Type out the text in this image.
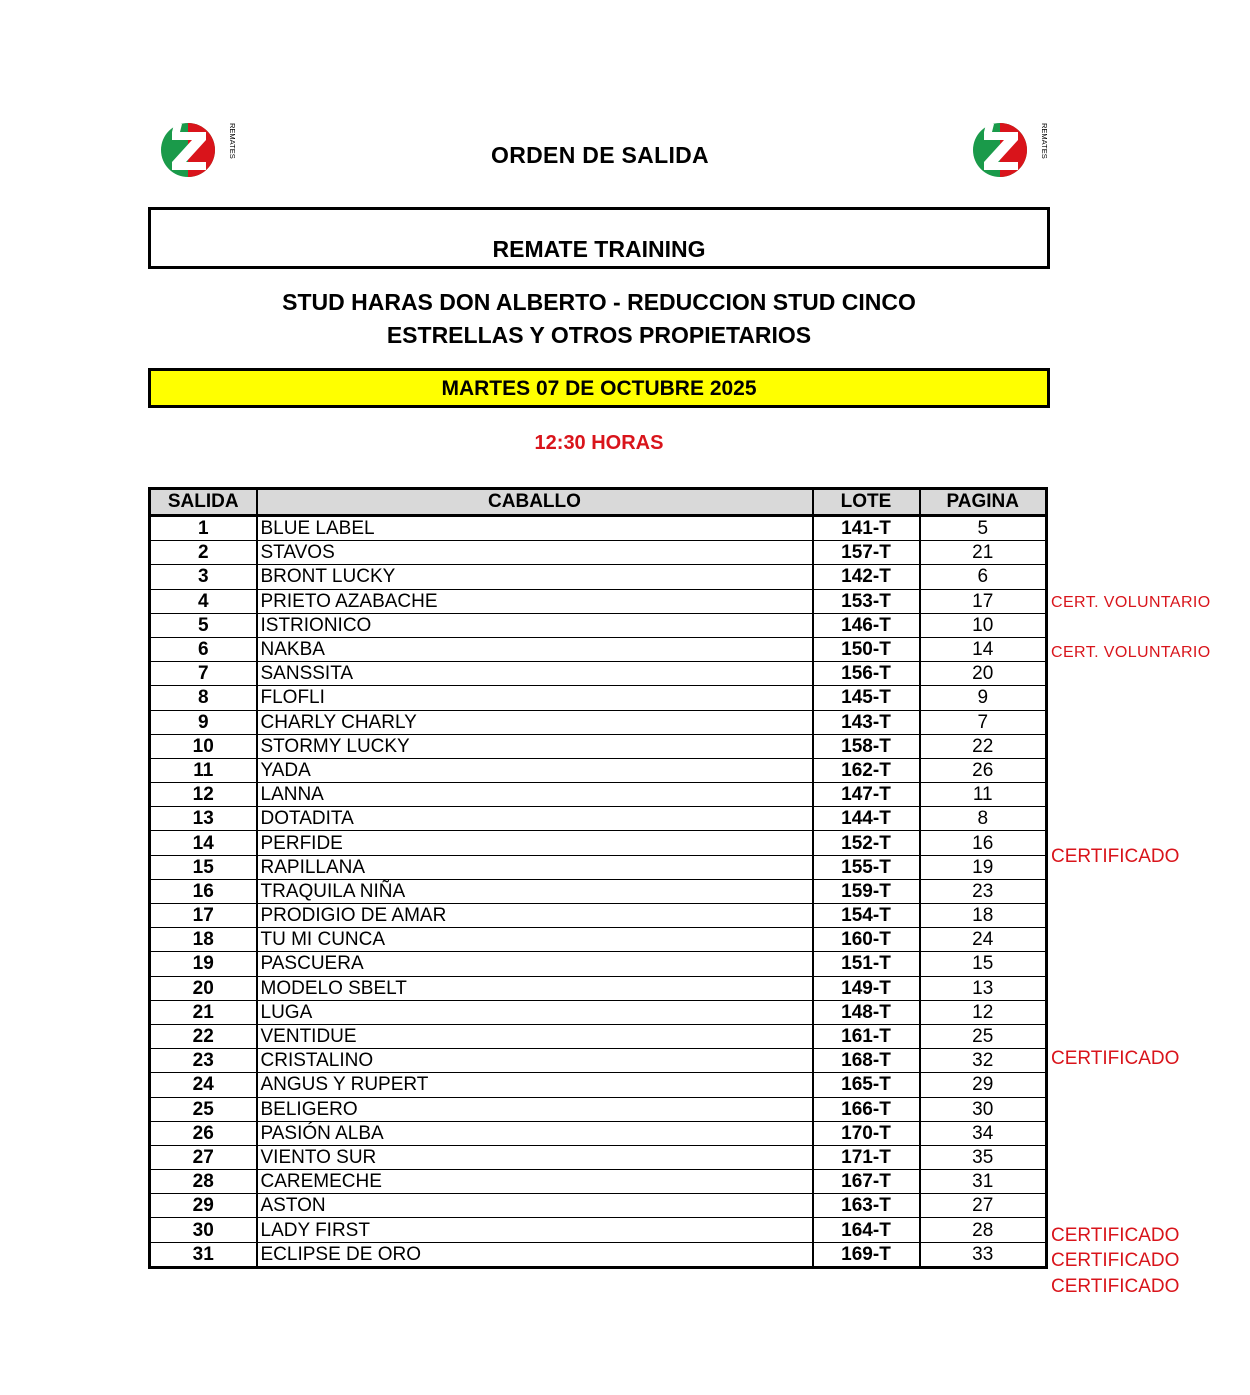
REMATES	REMATES
ORDEN DE SALIDA
REMATE TRAINING
STUD HARAS DON ALBERTO - REDUCCION STUD CINCO
ESTRELLAS Y OTROS PROPIETARIOS
MARTES 07 DE OCTUBRE 2025
12:30 HORAS
SALIDA	CABALLO	LOTE	PAGINA
1	BLUE LABEL	141-T	5
2	STAVOS	157-T	21
3	BRONT LUCKY	142-T	6
4	PRIETO AZABACHE	153-T	17
5	ISTRIONICO	146-T	10
6	NAKBA	150-T	14
7	SANSSITA	156-T	20
8	FLOFLI	145-T	9
9	CHARLY CHARLY	143-T	7
10	STORMY LUCKY	158-T	22
11	YADA	162-T	26
12	LANNA	147-T	11
13	DOTADITA	144-T	8
14	PERFIDE	152-T	16
15	RAPILLANA	155-T	19
16	TRAQUILA NIÑA	159-T	23
17	PRODIGIO DE AMAR	154-T	18
18	TU MI CUNCA	160-T	24
19	PASCUERA	151-T	15
20	MODELO SBELT	149-T	13
21	LUGA	148-T	12
22	VENTIDUE	161-T	25
23	CRISTALINO	168-T	32
24	ANGUS Y RUPERT	165-T	29
25	BELIGERO	166-T	30
26	PASIÓN ALBA	170-T	34
27	VIENTO SUR	171-T	35
28	CAREMECHE	167-T	31
29	ASTON	163-T	27
30	LADY FIRST	164-T	28
31	ECLIPSE DE ORO	169-T	33
CERT. VOLUNTARIO
CERT. VOLUNTARIO
CERTIFICADO
CERTIFICADO
CERTIFICADO
CERTIFICADO
CERTIFICADO
